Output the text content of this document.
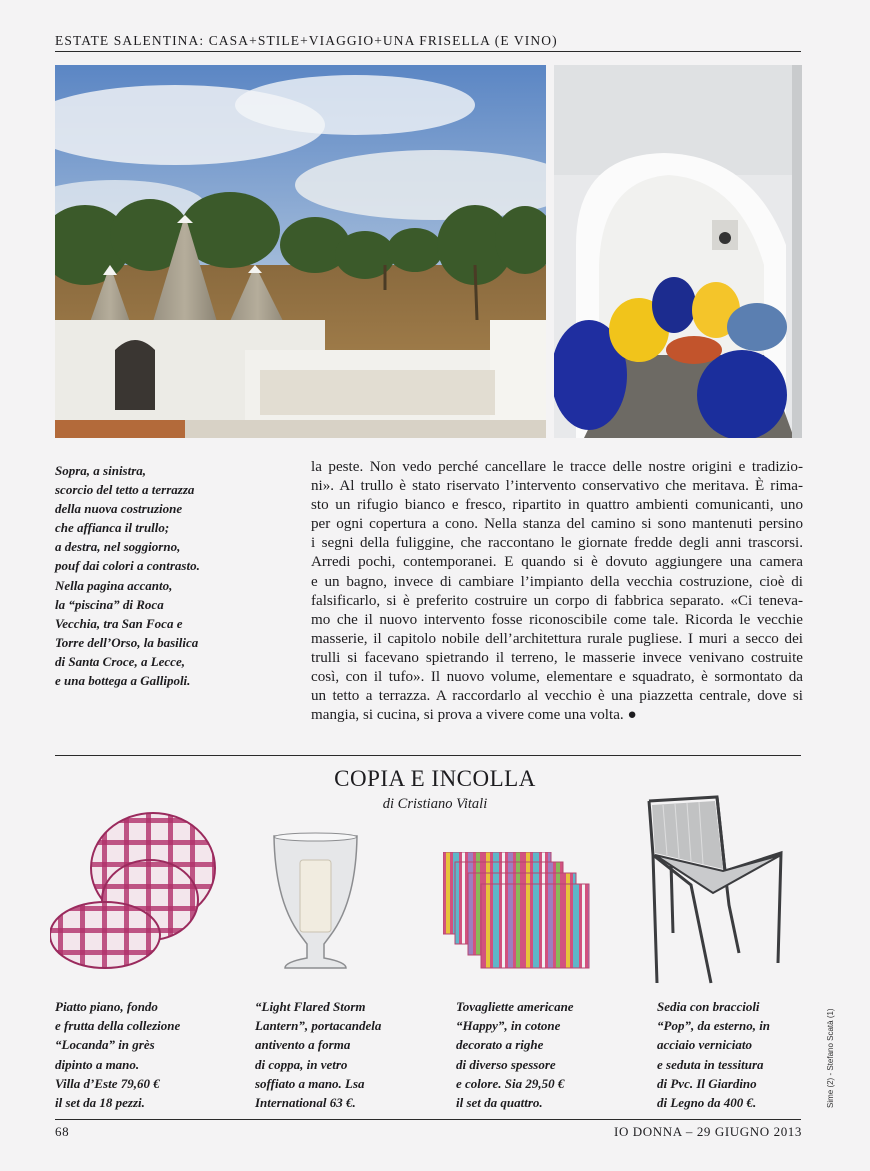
ESTATE SALENTINA: CASA+STILE+VIAGGIO+UNA FRISELLA (E VINO)
Sopra, a sinistra,
scorcio del tetto a terrazza
della nuova costruzione
che affianca il trullo;
a destra, nel soggiorno,
pouf dai colori a contrasto.
Nella pagina accanto,
la “piscina” di Roca
Vecchia, tra San Foca e
Torre dell’Orso, la basilica
di Santa Croce, a Lecce,
e una bottega a Gallipoli.
la peste. Non vedo perché cancellare le tracce delle nostre origini e tradizio-
ni». Al trullo è stato riservato l’intervento conservativo che meritava. È rima-
sto un rifugio bianco e fresco, ripartito in quattro ambienti comunicanti, uno
per ogni copertura a cono. Nella stanza del camino si sono mantenuti persino
i segni della fuliggine, che raccontano le giornate fredde degli anni trascorsi.
Arredi pochi, contemporanei. E quando si è dovuto aggiungere una camera
e un bagno, invece di cambiare l’impianto della vecchia costruzione, cioè di
falsificarlo, si è preferito costruire un corpo di fabbrica separato. «Ci teneva-
mo che il nuovo intervento fosse riconoscibile come tale. Ricorda le vecchie
masserie, il capitolo nobile dell’architettura rurale pugliese. I muri a secco dei
trulli si facevano spietrando il terreno, le masserie invece venivano costruite
così, con il tufo». Il nuovo volume, elementare e squadrato, è sormontato da
un tetto a terrazza. A raccordarlo al vecchio è una piazzetta centrale, dove si
mangia, si cucina, si prova a vivere come una volta. ●
COPIA E INCOLLA
di Cristiano Vitali
Piatto piano, fondo
e frutta della collezione
“Locanda” in grès
dipinto a mano.
Villa d’Este 79,60 €
il set da 18 pezzi.
“Light Flared Storm
Lantern”, portacandela
antivento a forma
di coppa, in vetro
soffiato a mano. Lsa
International 63 €.
Tovagliette americane
“Happy”, in cotone
decorato a righe
di diverso spessore
e colore. Sia 29,50 €
il set da quattro.
Sedia con braccioli
“Pop”, da esterno, in
acciaio verniciato
e seduta in tessitura
di Pvc. Il Giardino
di Legno da 400 €.	Sime (2) - Stefano Scatà (1)
68	IO DONNA – 29 GIUGNO 2013
